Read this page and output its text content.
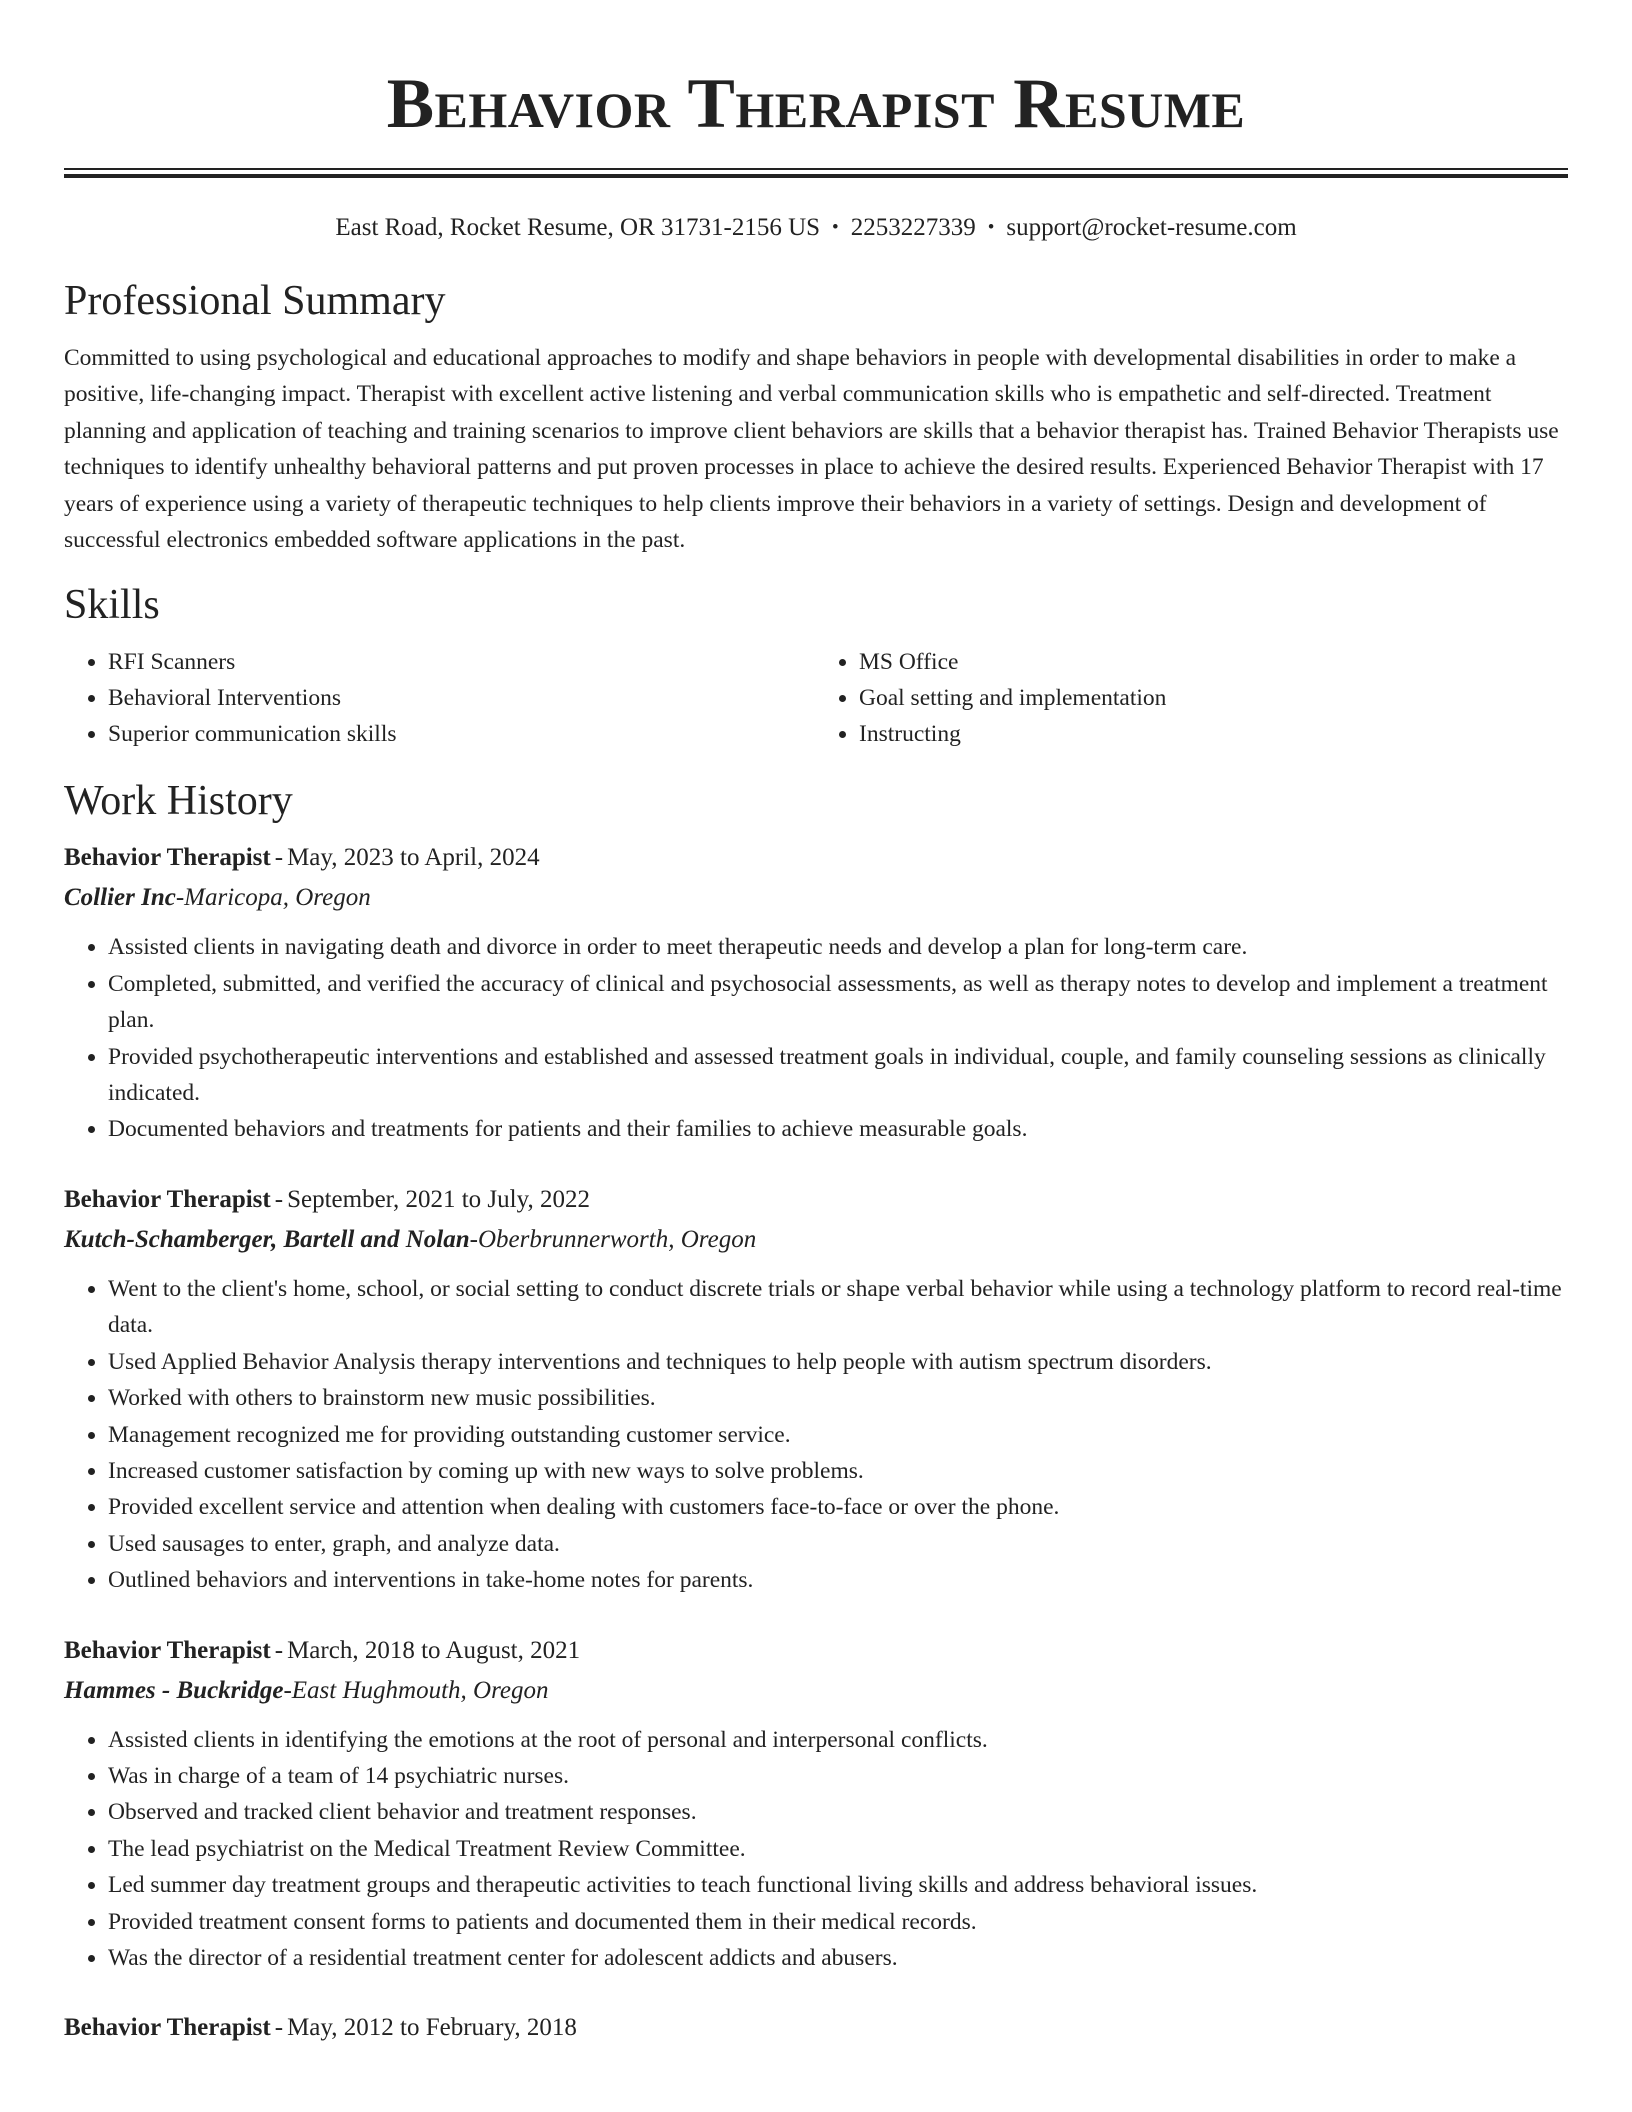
Behavior Therapist Resume
East Road, Rocket Resume, OR 31731-2156 US • 2253227339 • support@rocket-resume.com
Professional Summary

Committed to using psychological and educational approaches to modify and shape behaviors in people with developmental disabilities in order to make a positive, life-changing impact. Therapist with excellent active listening and verbal communication skills who is empathetic and self-directed. Treatment planning and application of teaching and training scenarios to improve client behaviors are skills that a behavior therapist has. Trained Behavior Therapists use techniques to identify unhealthy behavioral patterns and put proven processes in place to achieve the desired results. Experienced Behavior Therapist with 17 years of experience using a variety of therapeutic techniques to help clients improve their behaviors in a variety of settings. Design and development of successful electronics embedded software applications in the past.

Skills
• RFI Scanners
• Behavioral Interventions
• Superior communication skills
• MS Office
• Goal setting and implementation
• Instructing
Work History

Behavior Therapist - May, 2023 to April, 2024

Collier Inc-Maricopa, Oregon

• Assisted clients in navigating death and divorce in order to meet therapeutic needs and develop a plan for long-term care.
• Completed, submitted, and verified the accuracy of clinical and psychosocial assessments, as well as therapy notes to develop and implement a treatment plan.
• Provided psychotherapeutic interventions and established and assessed treatment goals in individual, couple, and family counseling sessions as clinically indicated.
• Documented behaviors and treatments for patients and their families to achieve measurable goals.

Behavior Therapist - September, 2021 to July, 2022

Kutch-Schamberger, Bartell and Nolan-Oberbrunnerworth, Oregon

• Went to the client's home, school, or social setting to conduct discrete trials or shape verbal behavior while using a technology platform to record real-time data.
• Used Applied Behavior Analysis therapy interventions and techniques to help people with autism spectrum disorders.
• Worked with others to brainstorm new music possibilities.
• Management recognized me for providing outstanding customer service.
• Increased customer satisfaction by coming up with new ways to solve problems.
• Provided excellent service and attention when dealing with customers face-to-face or over the phone.
• Used sausages to enter, graph, and analyze data.
• Outlined behaviors and interventions in take-home notes for parents.

Behavior Therapist - March, 2018 to August, 2021

Hammes - Buckridge-East Hughmouth, Oregon

• Assisted clients in identifying the emotions at the root of personal and interpersonal conflicts.
• Was in charge of a team of 14 psychiatric nurses.
• Observed and tracked client behavior and treatment responses.
• The lead psychiatrist on the Medical Treatment Review Committee.
• Led summer day treatment groups and therapeutic activities to teach functional living skills and address behavioral issues.
• Provided treatment consent forms to patients and documented them in their medical records.
• Was the director of a residential treatment center for adolescent addicts and abusers.

Behavior Therapist - May, 2012 to February, 2018
